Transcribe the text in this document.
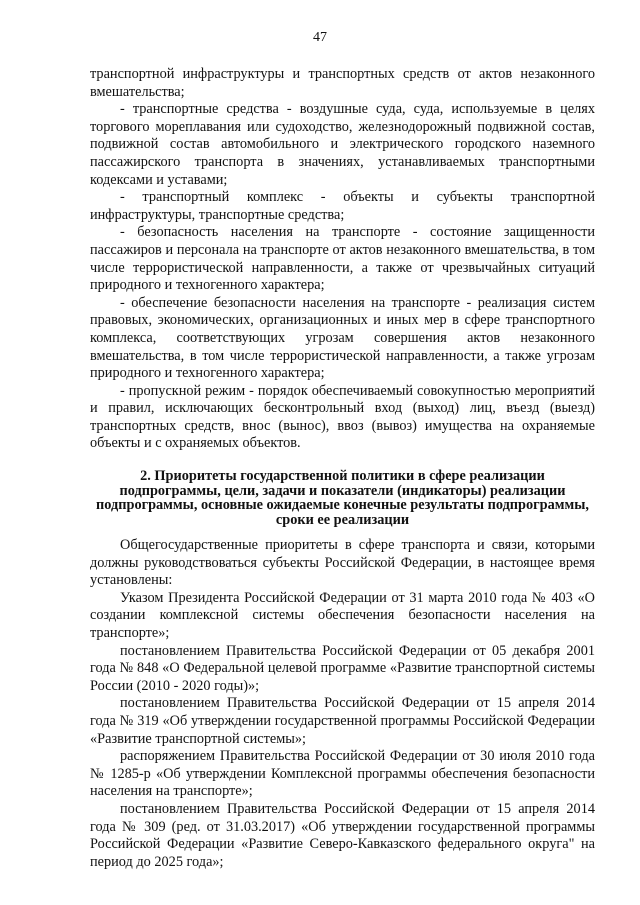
47

транспортной инфраструктуры и транспортных средств от актов незаконного вмешательства;

- транспортные средства - воздушные суда, суда, используемые в целях торгового мореплавания или судоходство, железнодорожный подвижной состав, подвижной состав автомобильного и электрического городского наземного пассажирского транспорта в значениях, устанавливаемых транспортными кодексами и уставами;

- транспортный комплекс - объекты и субъекты транспортной инфраструктуры, транспортные средства;

- безопасность населения на транспорте - состояние защищенности пассажиров и персонала на транспорте от актов незаконного вмешательства, в том числе террористической направленности, а также от чрезвычайных ситуаций природного и техногенного характера;

- обеспечение безопасности населения на транспорте - реализация систем правовых, экономических, организационных и иных мер в сфере транспортного комплекса, соответствующих угрозам совершения актов незаконного вмешательства, в том числе террористической направленности, а также угрозам природного и техногенного характера;

- пропускной режим - порядок обеспечиваемый совокупностью мероприятий и правил, исключающих бесконтрольный вход (выход) лиц, въезд (выезд) транспортных средств, внос (вынос), ввоз (вывоз) имущества на охраняемые объекты и с охраняемых объектов.

2. Приоритеты государственной политики в сфере реализации подпрограммы, цели, задачи и показатели (индикаторы) реализации подпрограммы, основные ожидаемые конечные результаты подпрограммы, сроки ее реализации

Общегосударственные приоритеты в сфере транспорта и связи, которыми должны руководствоваться субъекты Российской Федерации, в настоящее время установлены:

Указом Президента Российской Федерации от 31 марта 2010 года № 403 «О создании комплексной системы обеспечения безопасности населения на транспорте»;

постановлением Правительства Российской Федерации от 05 декабря 2001 года № 848 «О Федеральной целевой программе «Развитие транспортной системы России (2010 - 2020 годы)»;

постановлением Правительства Российской Федерации от 15 апреля 2014 года № 319 «Об утверждении государственной программы Российской Федерации «Развитие транспортной системы»;

распоряжением Правительства Российской Федерации от 30 июля 2010 года № 1285-р «Об утверждении Комплексной программы обеспечения безопасности населения на транспорте»;

постановлением Правительства Российской Федерации от 15 апреля 2014 года № 309 (ред. от 31.03.2017) «Об утверждении государственной программы Российской Федерации «Развитие Северо-Кавказского федерального округа" на период до 2025 года»;
